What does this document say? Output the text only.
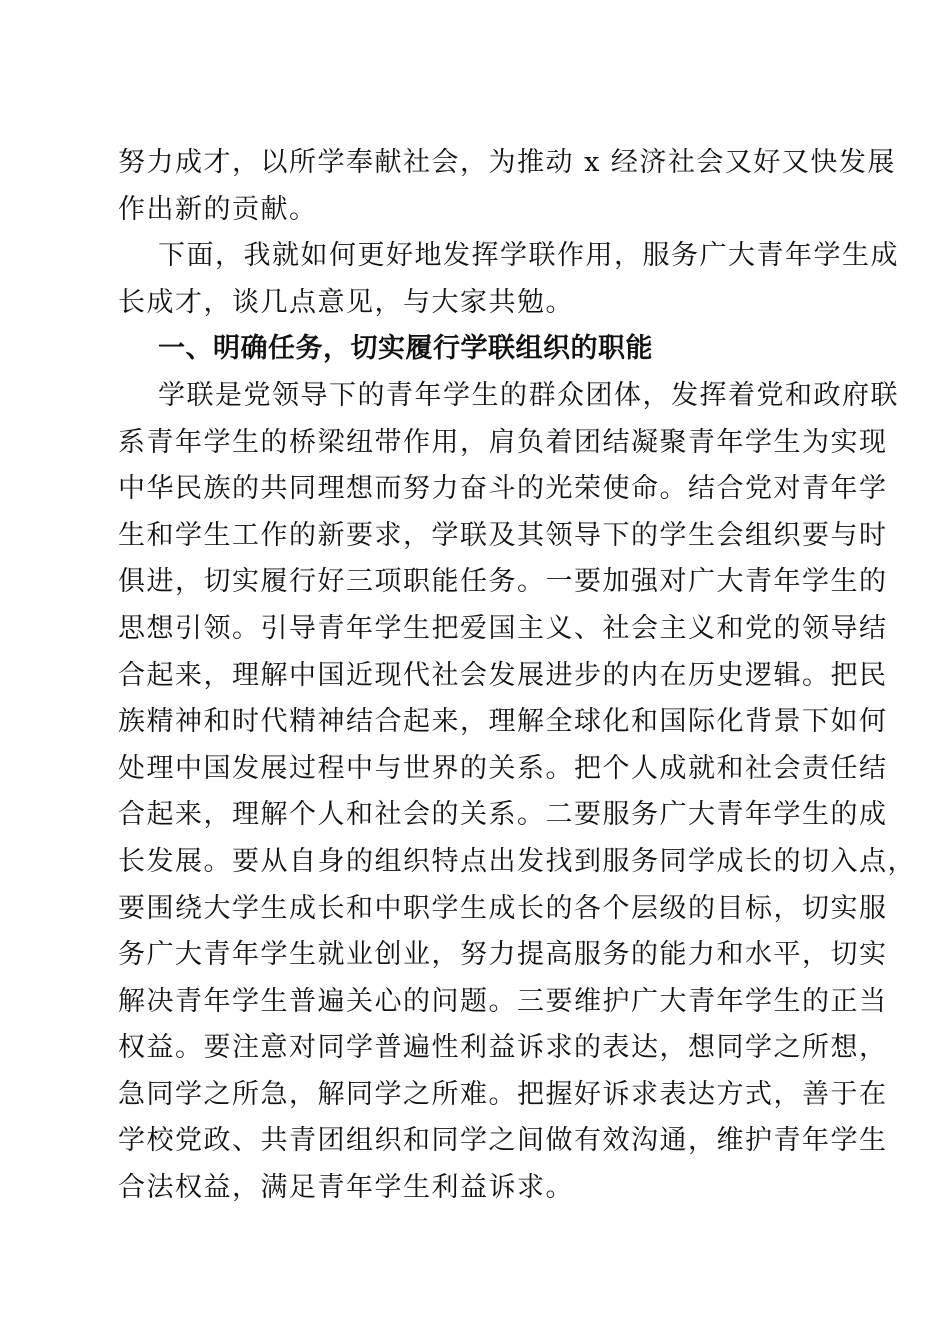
努力成才，以所学奉献社会，为推动 x 经济社会又好又快发展
作出新的贡献。
下面，我就如何更好地发挥学联作用，服务广大青年学生成
长成才，谈几点意见，与大家共勉。
一、明确任务，切实履行学联组织的职能
学联是党领导下的青年学生的群众团体，发挥着党和政府联
系青年学生的桥梁纽带作用，肩负着团结凝聚青年学生为实现
中华民族的共同理想而努力奋斗的光荣使命。结合党对青年学
生和学生工作的新要求，学联及其领导下的学生会组织要与时
俱进，切实履行好三项职能任务。一要加强对广大青年学生的
思想引领。引导青年学生把爱国主义、社会主义和党的领导结
合起来，理解中国近现代社会发展进步的内在历史逻辑。把民
族精神和时代精神结合起来，理解全球化和国际化背景下如何
处理中国发展过程中与世界的关系。把个人成就和社会责任结
合起来，理解个人和社会的关系。二要服务广大青年学生的成
长发展。要从自身的组织特点出发找到服务同学成长的切入点，
要围绕大学生成长和中职学生成长的各个层级的目标，切实服
务广大青年学生就业创业，努力提高服务的能力和水平，切实
解决青年学生普遍关心的问题。三要维护广大青年学生的正当
权益。要注意对同学普遍性利益诉求的表达，想同学之所想，
急同学之所急，解同学之所难。把握好诉求表达方式，善于在
学校党政、共青团组织和同学之间做有效沟通，维护青年学生
合法权益，满足青年学生利益诉求。
